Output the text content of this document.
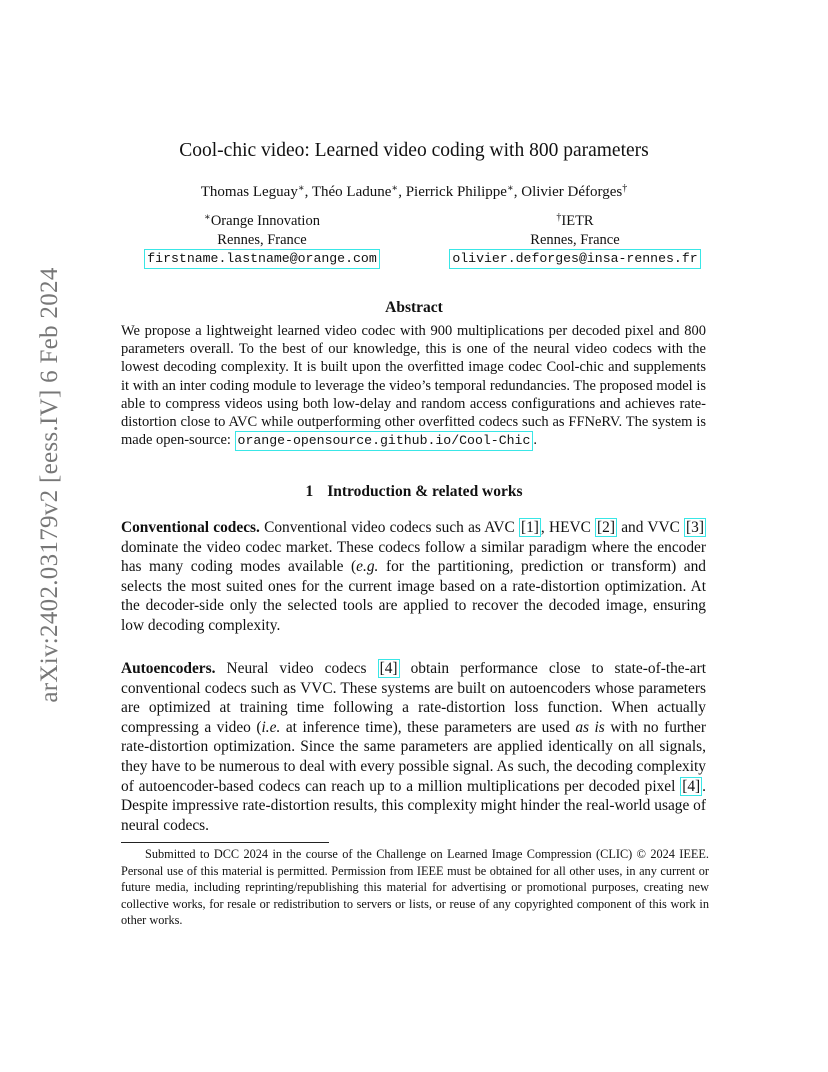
arXiv:2402.03179v2 [eess.IV] 6 Feb 2024
Cool-chic video: Learned video coding with 800 parameters
Thomas Leguay∗, Théo Ladune∗, Pierrick Philippe∗, Olivier Déforges†
∗Orange Innovation
Rennes, France
firstname.lastname@orange.com
†IETR
Rennes, France
olivier.deforges@insa-rennes.fr
Abstract
We propose a lightweight learned video codec with 900 multiplications per decoded pixel and 800 parameters overall. To the best of our knowledge, this is one of the neural video codecs with the lowest decoding complexity. It is built upon the overfitted image codec Cool-chic and supplements it with an inter coding module to leverage the video’s temporal redundancies. The proposed model is able to compress videos using both low-delay and random access configurations and achieves rate-distortion close to AVC while outperforming other overfitted codecs such as FFNeRV. The system is made open-source: orange-opensource.github.io/Cool-Chic .
1 Introduction & related works
Conventional codecs. Conventional video codecs such as AVC [1] , HEVC [2] and VVC [3] dominate the video codec market. These codecs follow a similar paradigm where the encoder has many coding modes available (e.g. for the partitioning, prediction or transform) and selects the most suited ones for the current image based on a rate-distortion optimization. At the decoder-side only the selected tools are applied to recover the decoded image, ensuring low decoding complexity.
Autoencoders. Neural video codecs [4] obtain performance close to state-of-the-art conventional codecs such as VVC. These systems are built on autoencoders whose parameters are optimized at training time following a rate-distortion loss function. When actually compressing a video (i.e. at inference time), these parameters are used as is with no further rate-distortion optimization. Since the same parameters are applied identically on all signals, they have to be numerous to deal with every possible signal. As such, the decoding complexity of autoencoder-based codecs can reach up to a million multiplications per decoded pixel [4] . Despite impressive rate-distortion results, this complexity might hinder the real-world usage of neural codecs.
Submitted to DCC 2024 in the course of the Challenge on Learned Image Compression (CLIC) © 2024 IEEE. Personal use of this material is permitted. Permission from IEEE must be obtained for all other uses, in any current or future media, including reprinting/republishing this material for advertising or promotional purposes, creating new collective works, for resale or redistribution to servers or lists, or reuse of any copyrighted component of this work in other works.
